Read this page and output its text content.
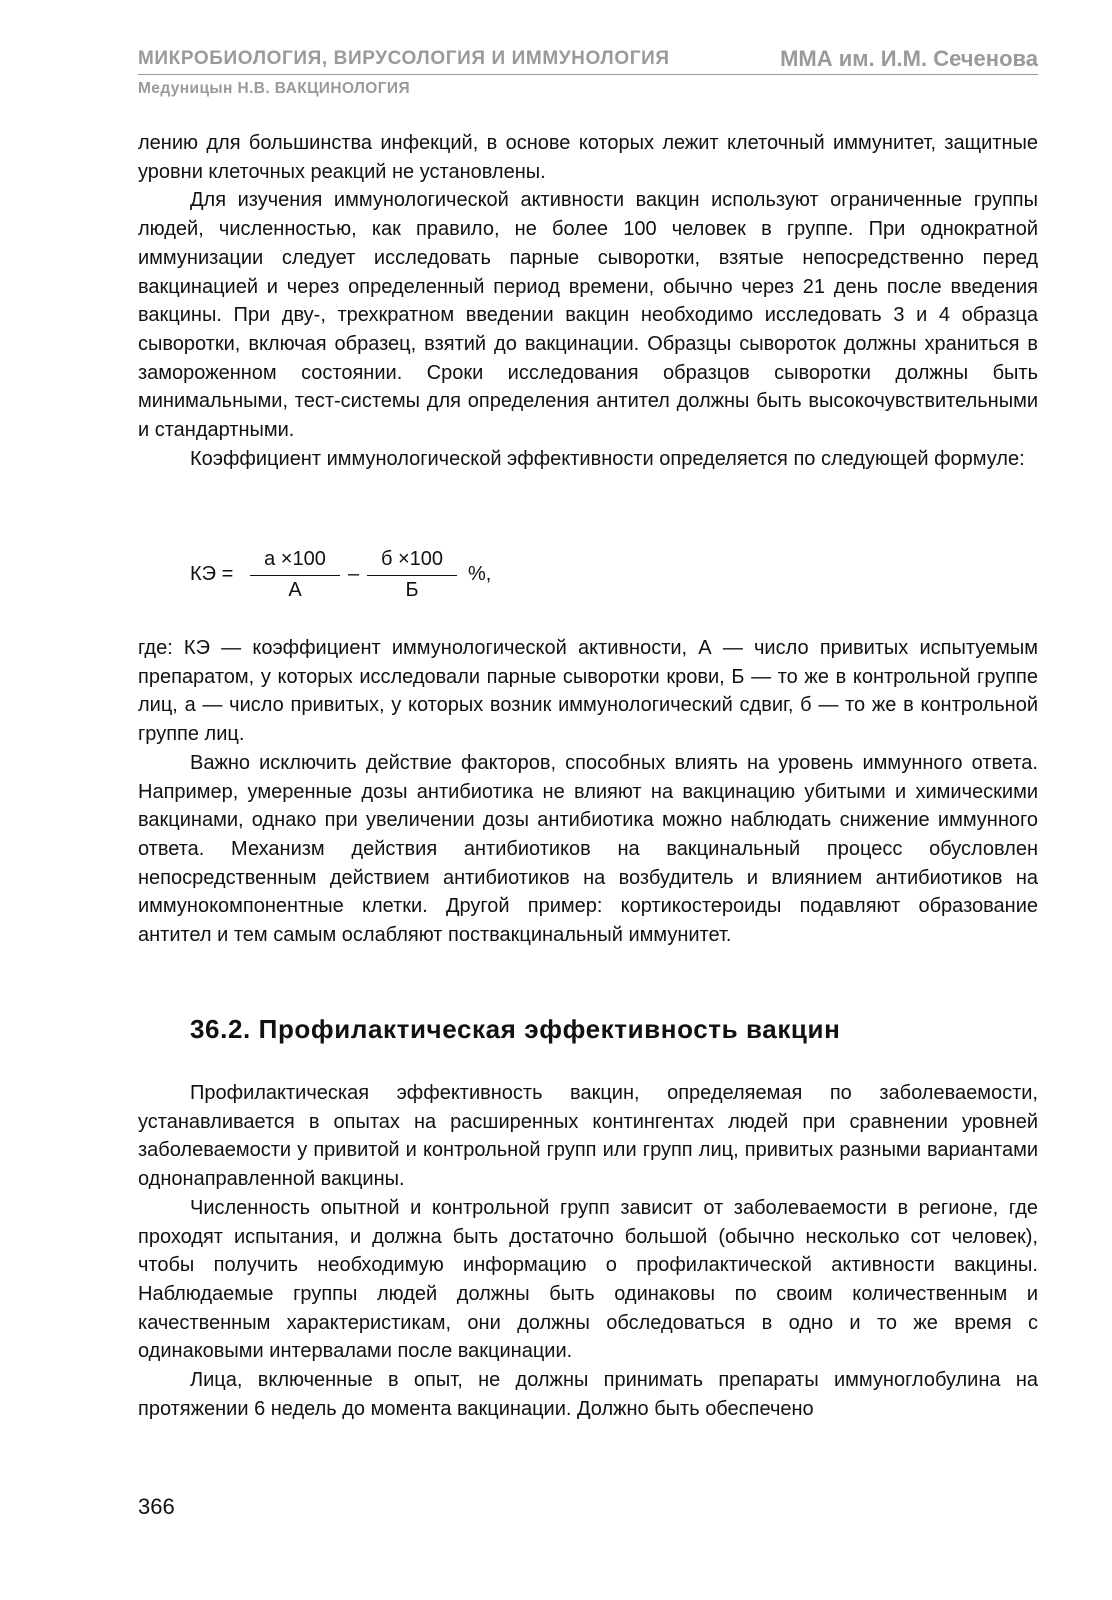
МИКРОБИОЛОГИЯ, ВИРУСОЛОГИЯ И ИММУНОЛОГИЯ	ММА им. И.М. Сеченова
Медуницын Н.В. ВАКЦИНОЛОГИЯ

лению для большинства инфекций, в основе которых лежит клеточный иммунитет, защитные уровни клеточных реакций не установлены.

Для изучения иммунологической активности вакцин используют ограниченные группы людей, численностью, как правило, не более 100 человек в группе. При однократной иммунизации следует исследовать парные сыворотки, взятые непосредственно перед вакцинацией и через определенный период времени, обычно через 21 день после введения вакцины. При дву-, трехкратном введении вакцин необходимо исследовать 3 и 4 образца сыворотки, включая образец, взятий до вакцинации. Образцы сывороток должны храниться в замороженном состоянии. Сроки исследования образцов сыворотки должны быть минимальными, тест-системы для определения антител должны быть высокочувствительными и стандартными.

Коэффициент иммунологической эффективности определяется по следующей формуле:

КЭ =
а ×100
А
–
б ×100
Б
%,

где: КЭ — коэффициент иммунологической активности, А — число привитых испытуемым препаратом, у которых исследовали парные сыворотки крови, Б — то же в контрольной группе лиц, а — число привитых, у которых возник иммунологический сдвиг, б — то же в контрольной группе лиц.

Важно исключить действие факторов, способных влиять на уровень иммунного ответа. Например, умеренные дозы антибиотика не влияют на вакцинацию убитыми и химическими вакцинами, однако при увеличении дозы антибиотика можно наблюдать снижение иммунного ответа. Механизм действия антибиотиков на вакцинальный процесс обусловлен непосредственным действием антибиотиков на возбудитель и влиянием антибиотиков на иммунокомпонентные клетки. Другой пример: кортикостероиды подавляют образование антител и тем самым ослабляют поствакцинальный иммунитет.

36.2. Профилактическая эффективность вакцин

Профилактическая эффективность вакцин, определяемая по заболеваемости, устанавливается в опытах на расширенных контингентах людей при сравнении уровней заболеваемости у привитой и контрольной групп или групп лиц, привитых разными вариантами однонаправленной вакцины.

Численность опытной и контрольной групп зависит от заболеваемости в регионе, где проходят испытания, и должна быть достаточно большой (обычно несколько сот человек), чтобы получить необходимую информацию о профилактической активности вакцины. Наблюдаемые группы людей должны быть одинаковы по своим количественным и качественным характеристикам, они должны обследоваться в одно и то же время с одинаковыми интервалами после вакцинации.

Лица, включенные в опыт, не должны принимать препараты иммуноглобулина на протяжении 6 недель до момента вакцинации. Должно быть обеспечено

366
